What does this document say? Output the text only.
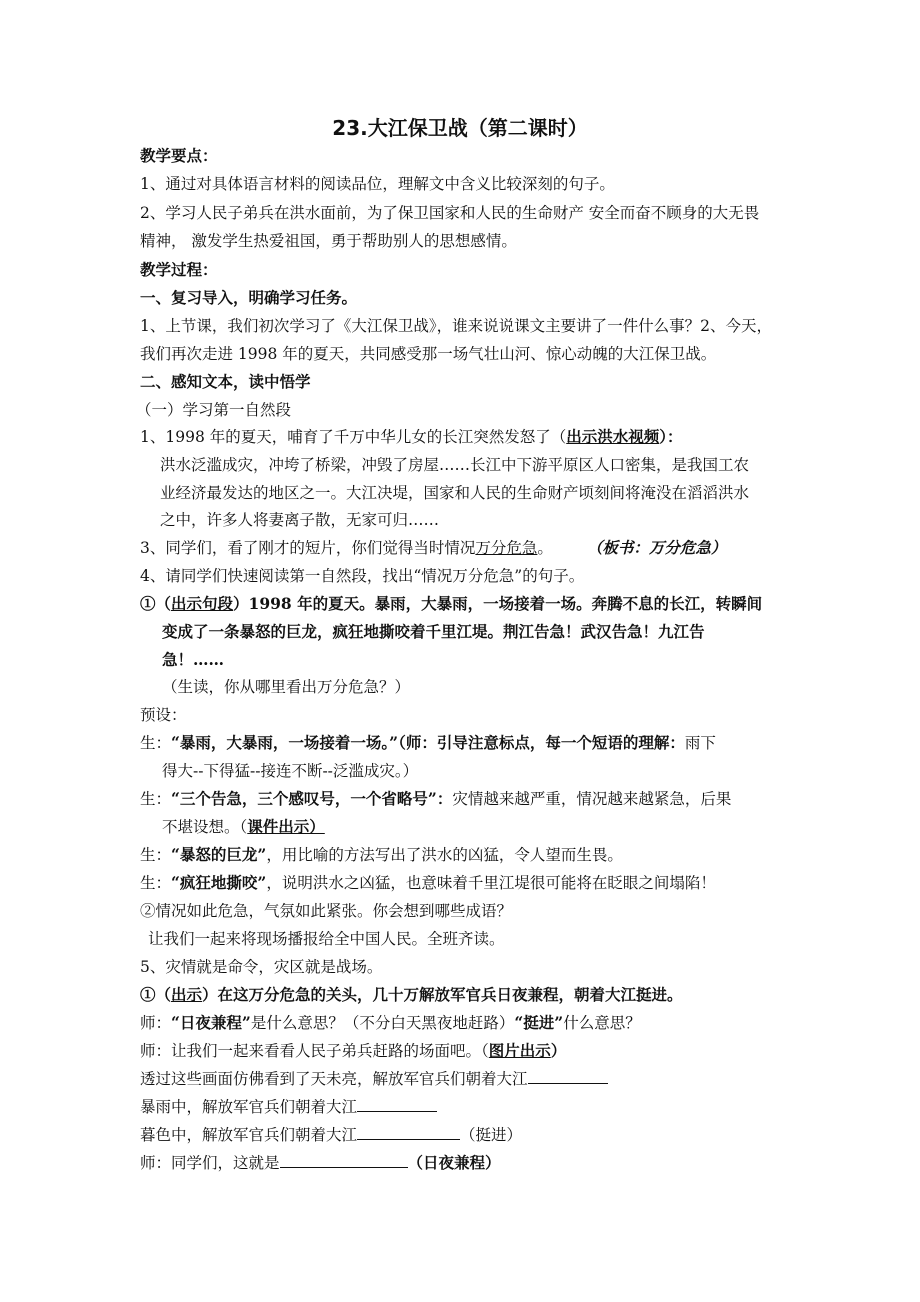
23.大江保卫战（第二课时）
教学要点：
1、通过对具体语言材料的阅读品位，理解文中含义比较深刻的句子。
2、学习人民子弟兵在洪水面前，为了保卫国家和人民的生命财产 安全而奋不顾身的大无畏
精神， 激发学生热爱祖国，勇于帮助别人的思想感情。
教学过程：
一、复习导入，明确学习任务。
1、上节课，我们初次学习了《大江保卫战》，谁来说说课文主要讲了一件什么事？2、今天，
我们再次走进 1998 年的夏天，共同感受那一场气壮山河、惊心动魄的大江保卫战。
二、感知文本，读中悟学
（一）学习第一自然段
1、1998 年的夏天，哺育了千万中华儿女的长江突然发怒了（出示洪水视频）：
洪水泛滥成灾，冲垮了桥梁，冲毁了房屋……长江中下游平原区人口密集，是我国工农
业经济最发达的地区之一。大江决堤，国家和人民的生命财产顷刻间将淹没在滔滔洪水
之中，许多人将妻离子散，无家可归……
3、同学们，看了刚才的短片，你们觉得当时情况万分危急。 （板书：万分危急）
4、请同学们快速阅读第一自然段，找出“情况万分危急”的句子。
①（出示句段）1998 年的夏天。暴雨，大暴雨，一场接着一场。奔腾不息的长江，转瞬间
变成了一条暴怒的巨龙，疯狂地撕咬着千里江堤。荆江告急！武汉告急！九江告
急！……
（生读，你从哪里看出万分危急？）
预设：
生：“暴雨，大暴雨，一场接着一场。”（师：引导注意标点，每一个短语的理解：雨下
得大--下得猛--接连不断--泛滥成灾。）
生：“三个告急，三个感叹号，一个省略号”：灾情越来越严重，情况越来越紧急，后果
不堪设想。（课件出示）
生：“暴怒的巨龙”，用比喻的方法写出了洪水的凶猛，令人望而生畏。
生：“疯狂地撕咬”，说明洪水之凶猛，也意味着千里江堤很可能将在眨眼之间塌陷！
②情况如此危急，气氛如此紧张。你会想到哪些成语？
让我们一起来将现场播报给全中国人民。全班齐读。
5、灾情就是命令，灾区就是战场。
①（出示）在这万分危急的关头，几十万解放军官兵日夜兼程，朝着大江挺进。
师：“日夜兼程”是什么意思？（不分白天黑夜地赶路）“挺进”什么意思？
师：让我们一起来看看人民子弟兵赶路的场面吧。（图片出示）
透过这些画面仿佛看到了天未亮，解放军官兵们朝着大江
暴雨中，解放军官兵们朝着大江
暮色中，解放军官兵们朝着大江	（挺进）
师：同学们，这就是	（日夜兼程）
